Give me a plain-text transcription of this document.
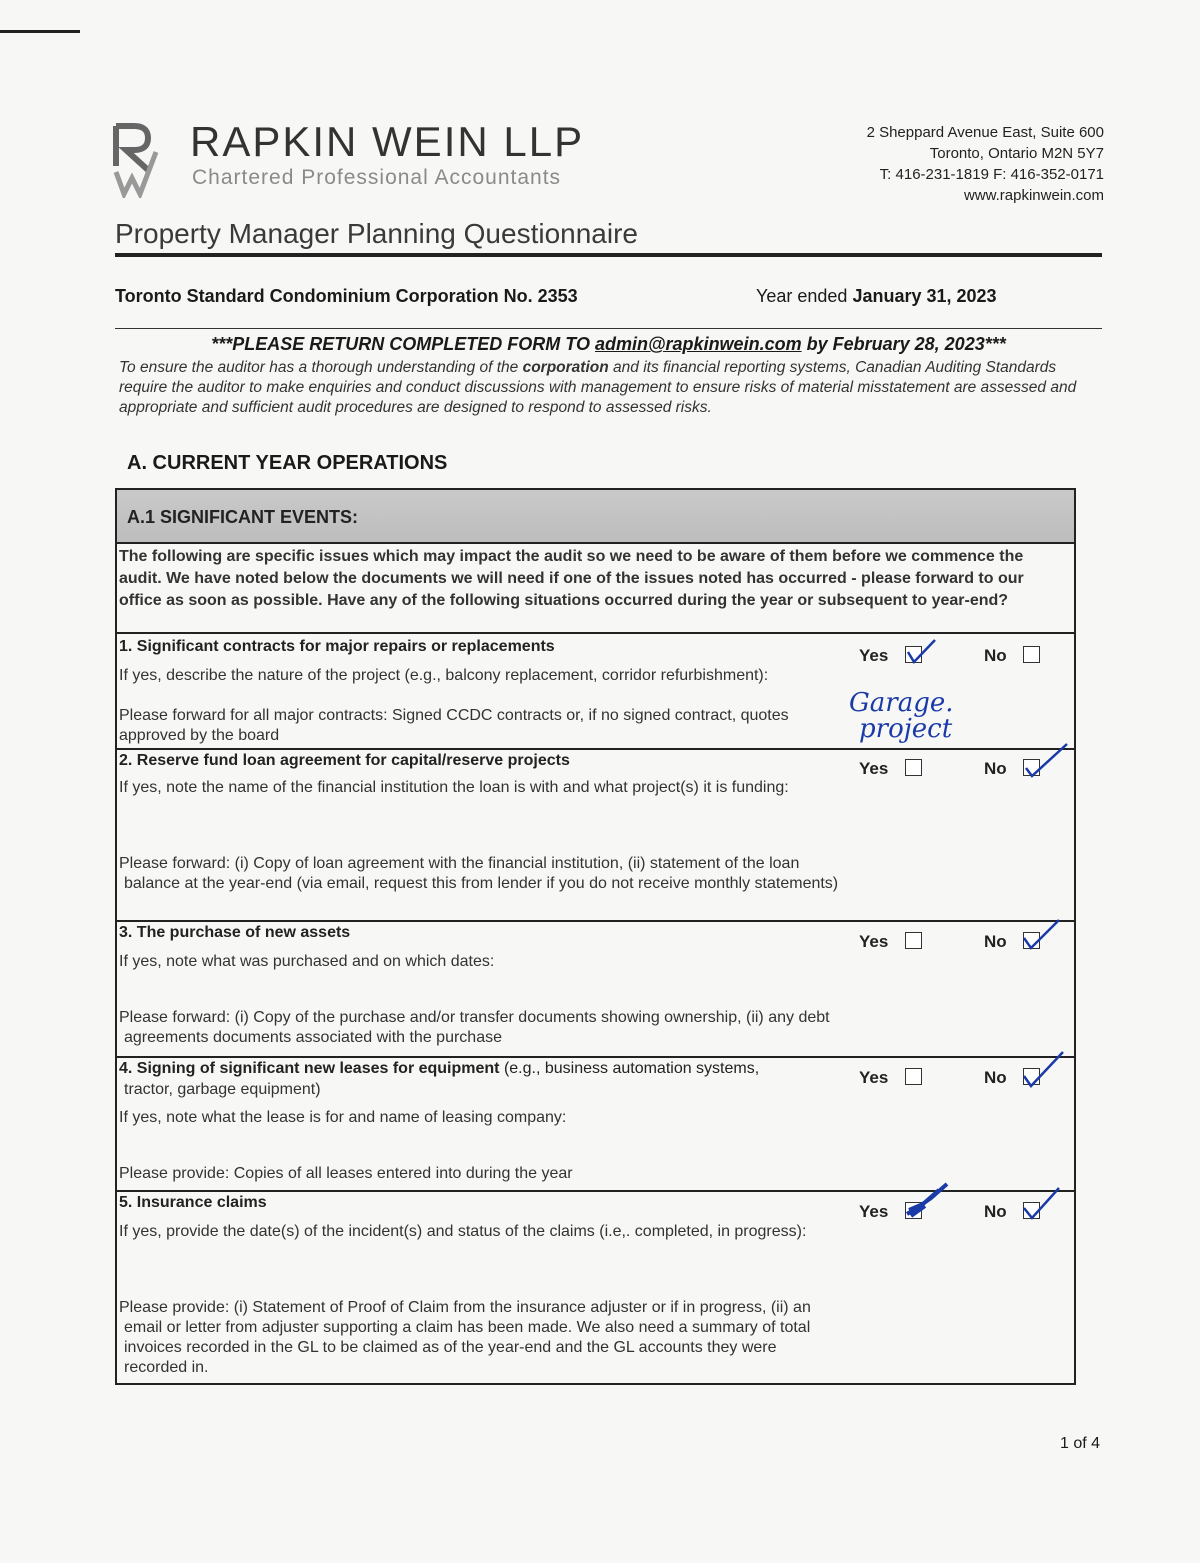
RAPKIN WEIN LLP
Chartered Professional Accountants
2 Sheppard Avenue East, Suite 600
Toronto, Ontario M2N 5Y7
T: 416-231-1819 F: 416-352-0171
www.rapkinwein.com
Property Manager Planning Questionnaire
Toronto Standard Condominium Corporation No. 2353	Year ended January 31, 2023
***PLEASE RETURN COMPLETED FORM TO admin@rapkinwein.com by February 28, 2023***
To ensure the auditor has a thorough understanding of the corporation and its financial reporting systems, Canadian Auditing Standards require the auditor to make enquiries and conduct discussions with management to ensure risks of material misstatement are assessed and appropriate and sufficient audit procedures are designed to respond to assessed risks.
A. CURRENT YEAR OPERATIONS
A.1 SIGNIFICANT EVENTS:
The following are specific issues which may impact the audit so we need to be aware of them before we commence the audit. We have noted below the documents we will need if one of the issues noted has occurred - please forward to our office as soon as possible. Have any of the following situations occurred during the year or subsequent to year-end?
1. Significant contracts for major repairs or replacements
If yes, describe the nature of the project (e.g., balcony replacement, corridor refurbishment):
Please forward for all major contracts: Signed CCDC contracts or, if no signed contract, quotes approved by the board
Yes	No
Garage.
project
2. Reserve fund loan agreement for capital/reserve projects
If yes, note the name of the financial institution the loan is with and what project(s) it is funding:
Please forward: (i) Copy of loan agreement with the financial institution, (ii) statement of the loan balance at the year-end (via email, request this from lender if you do not receive monthly statements)
Yes	No
3. The purchase of new assets
If yes, note what was purchased and on which dates:
Please forward: (i) Copy of the purchase and/or transfer documents showing ownership, (ii) any debt agreements documents associated with the purchase
Yes	No
4. Signing of significant new leases for equipment (e.g., business automation systems,
tractor, garbage equipment)
If yes, note what the lease is for and name of leasing company:
Please provide: Copies of all leases entered into during the year
Yes	No
5. Insurance claims
If yes, provide the date(s) of the incident(s) and status of the claims (i.e,. completed, in progress):
Please provide: (i) Statement of Proof of Claim from the insurance adjuster or if in progress, (ii) an email or letter from adjuster supporting a claim has been made. We also need a summary of total invoices recorded in the GL to be claimed as of the year-end and the GL accounts they were recorded in.
Yes	No
1 of 4
